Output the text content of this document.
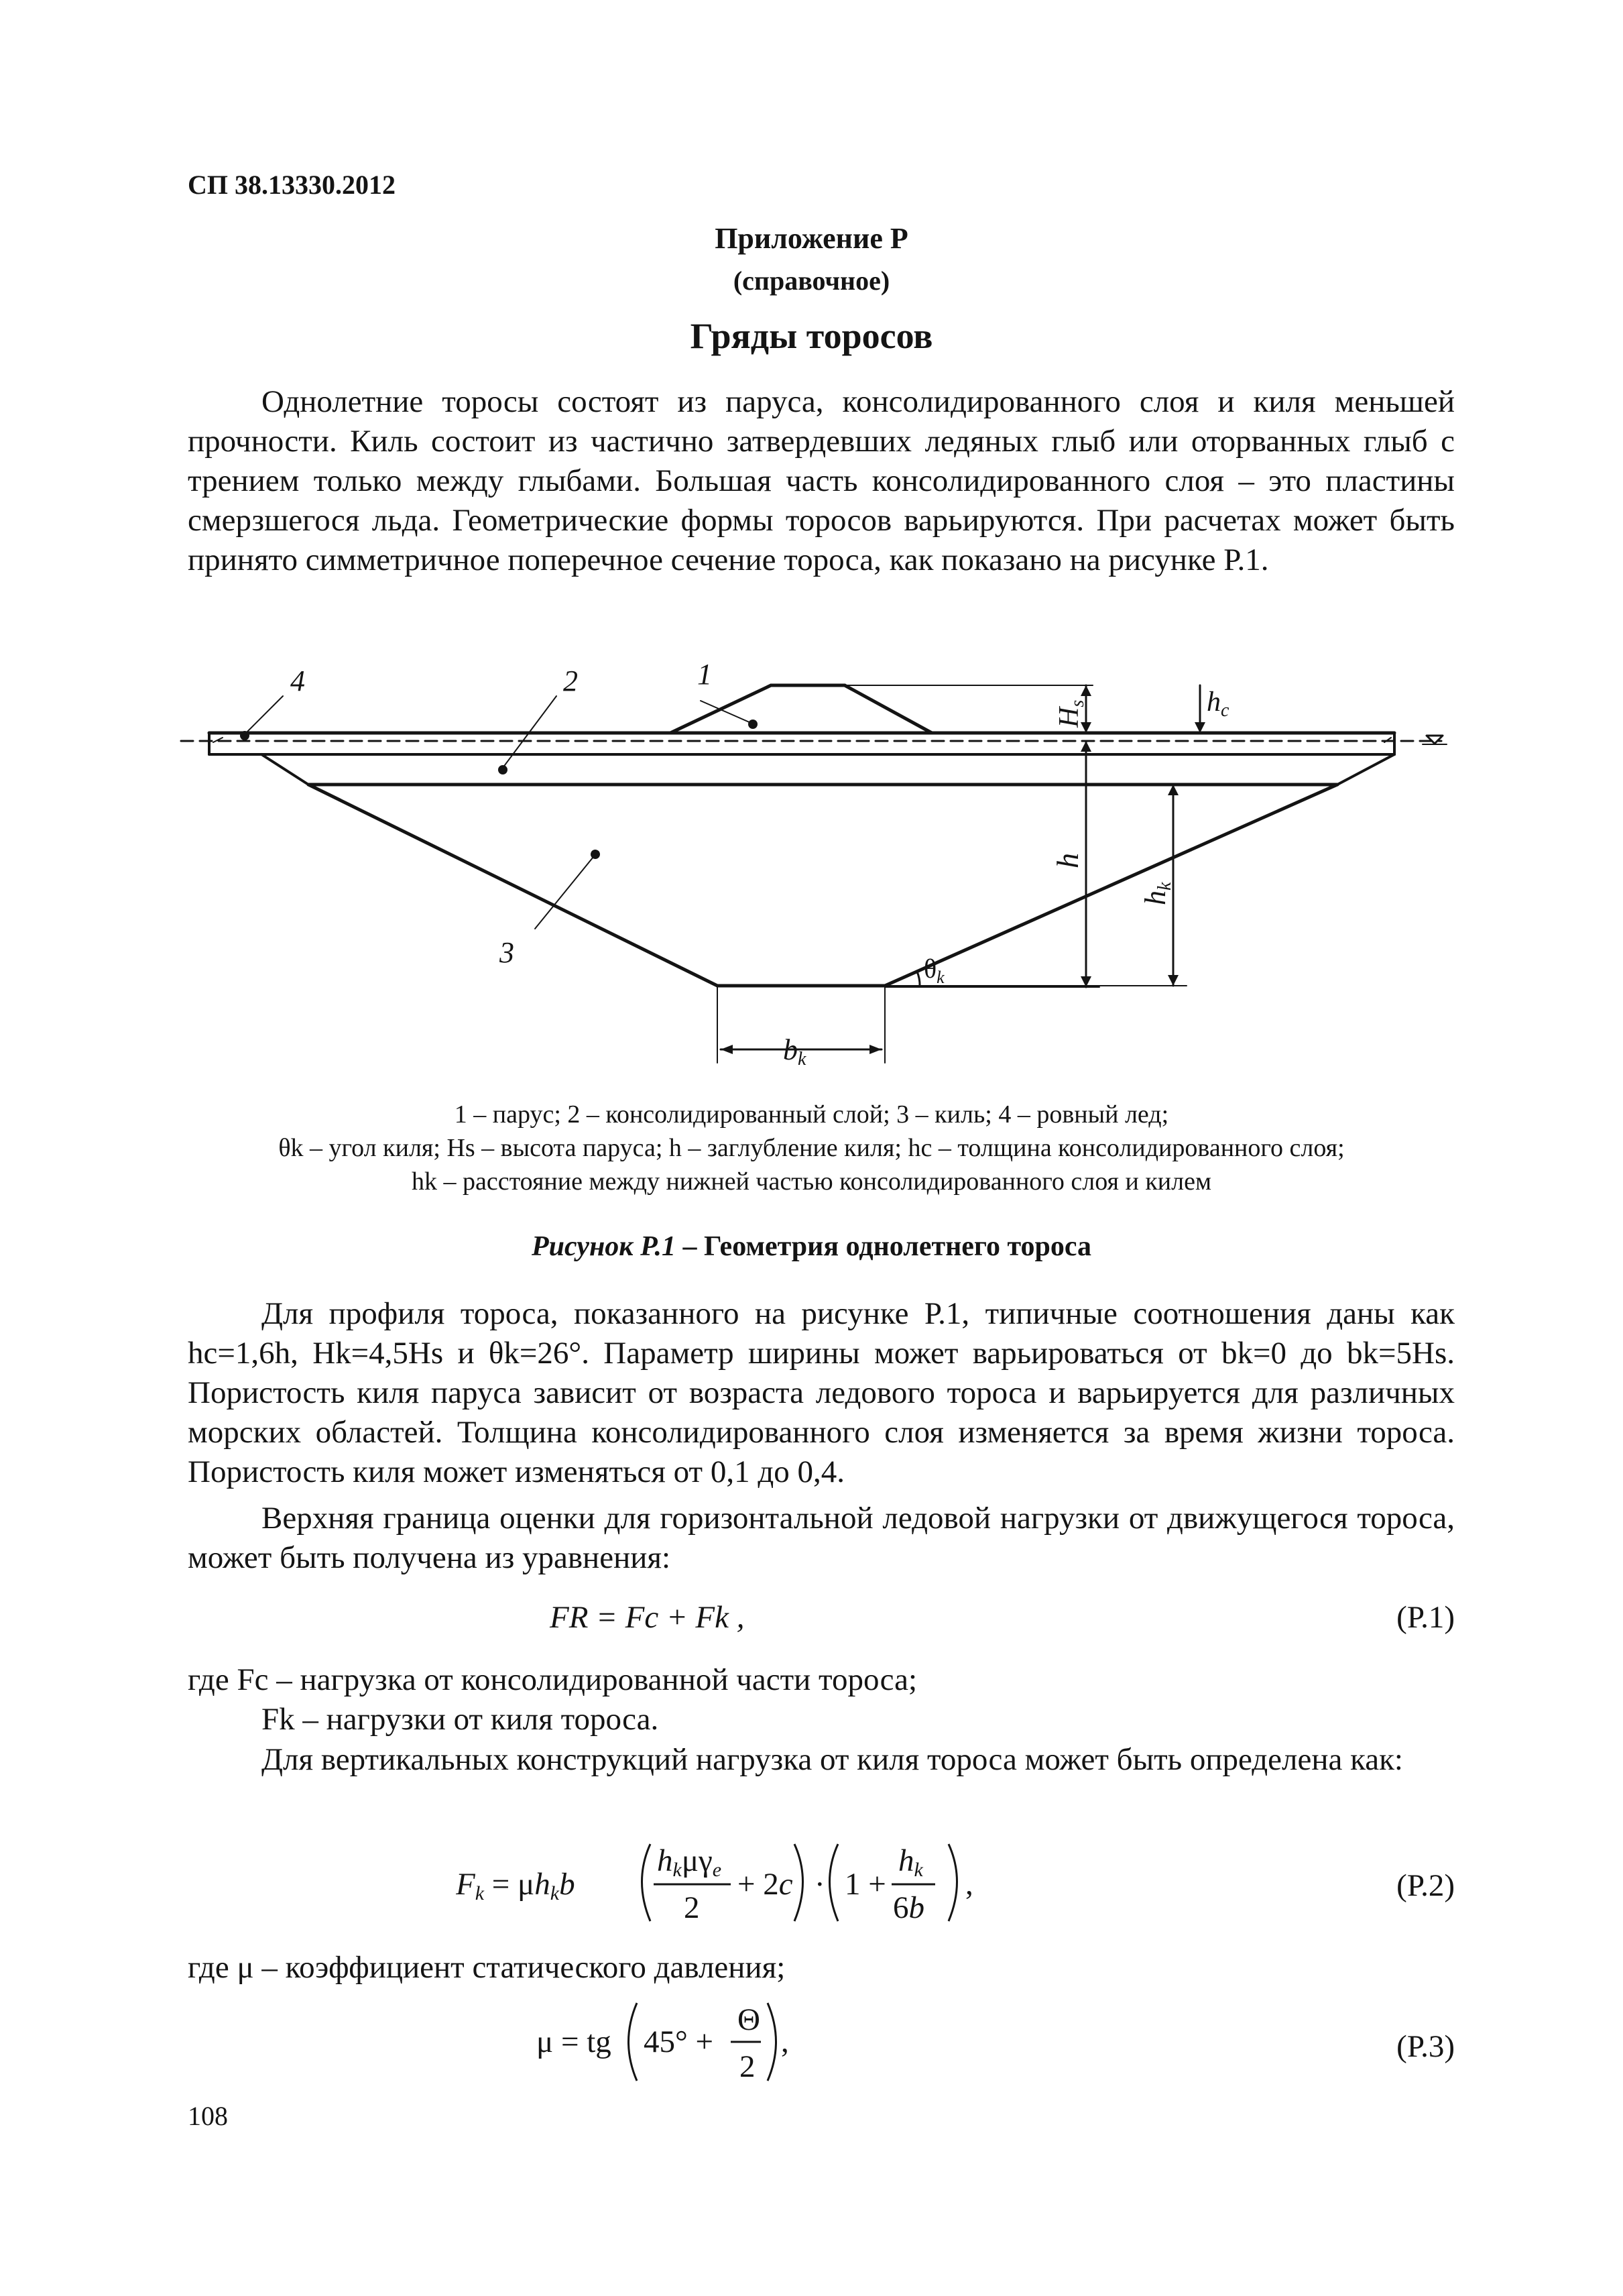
СП 38.13330.2012
Приложение Р
(справочное)
Гряды торосов

Однолетние торосы состоят из паруса, консолидированного слоя и киля меньшей прочности. Киль состоит из частично затвердевших ледяных глыб или оторванных глыб с трением только между глыбами. Большая часть консолидированного слоя – это пластины смерзшегося льда. Геометрические формы торосов варьируются. При расчетах может быть принято симметричное поперечное сечение тороса, как показано на рисунке Р.1.

4	2	1
3
Hs	hc
h
hk
$\theta_k$
bk
1 – парус; 2 – консолидированный слой; 3 – киль; 4 – ровный лед;
θk – угол киля; Hs – высота паруса; h – заглубление киля; hc – толщина консолидированного слоя;
hk – расстояние между нижней частью консолидированного слоя и килем
Рисунок Р.1 – Геометрия однолетнего тороса

Для профиля тороса, показанного на рисунке Р.1, типичные соотношения даны как hc=1,6h, Hk=4,5Hs и θk=26°. Параметр ширины может варьироваться от bk=0 до bk=5Hs. Пористость киля паруса зависит от возраста ледового тороса и варьируется для различных морских областей. Толщина консолидированного слоя изменяется за время жизни тороса. Пористость киля может изменяться от 0,1 до 0,4.

Верхняя граница оценки для горизонтальной ледовой нагрузки от движущегося тороса, может быть получена из уравнения:

FR = Fc + Fk ,	(Р.1)
где Fc – нагрузка от консолидированной части тороса;
Fk – нагрузки от киля тороса.

Для вертикальных конструкций нагрузка от киля тороса может быть определена как:

Fk = μhkb
hkμγe
2
+ 2c · 1 +
hk
6b
,	(Р.2)
где μ – коэффициент статического давления;
μ = tg 45° +
Θ
2
,	(Р.3)
108
